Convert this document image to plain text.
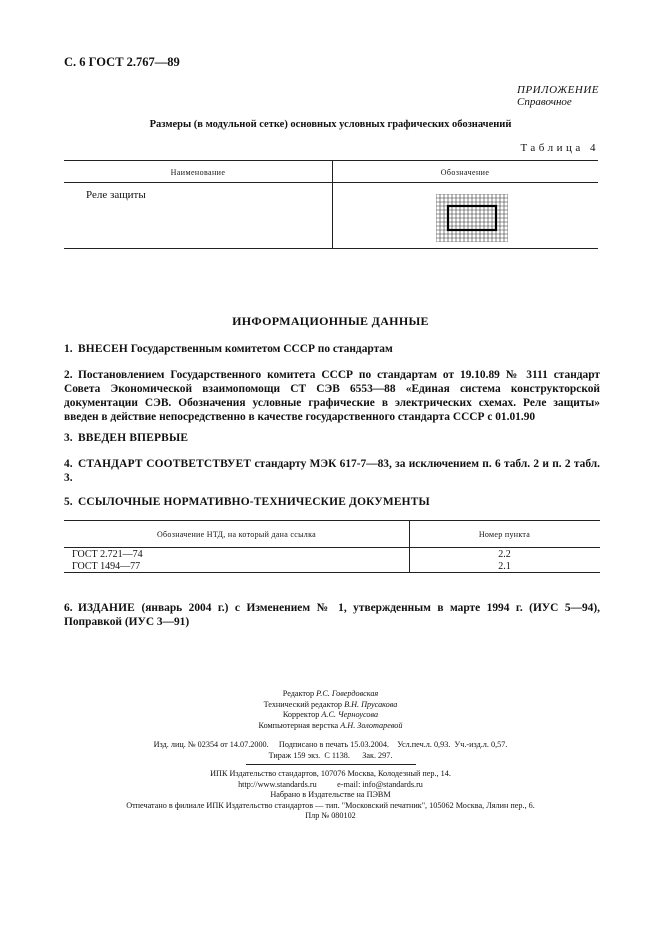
С. 6 ГОСТ 2.767—89
ПРИЛОЖЕНИЕ
Справочное
Размеры (в модульной сетке) основных условных графических обозначений
Таблица 4
Наименование	Обозначение
Реле защиты
ИНФОРМАЦИОННЫЕ ДАННЫЕ
1. ВНЕСЕН Государственным комитетом СССР по стандартам
2. Постановлением Государственного комитета СССР по стандартам от 19.10.89 № 3111 стандарт Совета Экономической взаимопомощи СТ СЭВ 6553—88 «Единая система конструкторской документации СЭВ. Обозначения условные графические в электрических схемах. Реле защиты» введен в действие непосредственно в качестве государственного стандарта СССР с 01.01.90
3. ВВЕДЕН ВПЕРВЫЕ
4. СТАНДАРТ СООТВЕТСТВУЕТ стандарту МЭК 617-7—83, за исключением п. 6 табл. 2 и п. 2 табл. 3.
5. ССЫЛОЧНЫЕ НОРМАТИВНО-ТЕХНИЧЕСКИЕ ДОКУМЕНТЫ
Обозначение НТД, на который дана ссылка	Номер пункта
ГОСТ 2.721—74	2.2
ГОСТ 1494—77	2.1
6. ИЗДАНИЕ (январь 2004 г.) с Изменением № 1, утвержденным в марте 1994 г. (ИУС 5—94), Поправкой (ИУС 3—91)
Редактор Р.С. Говердовская
Технический редактор В.Н. Прусакова
Корректор А.С. Черноусова
Компьютерная верстка А.Н. Золотаревой
Изд. лиц. № 02354 от 14.07.2000.     Подписано в печать 15.03.2004.    Усл.печ.л. 0,93.  Уч.-изд.л. 0,57.
Тираж 159 экз.  С 1138.      Зак. 297.
ИПК Издательство стандартов, 107076 Москва, Колодезный пер., 14.
http://www.standards.ru          e-mail: info@standards.ru
Набрано в Издательстве на ПЭВМ
Отпечатано в филиале ИПК Издательство стандартов — тип. "Московский печатник", 105062 Москва, Лялин пер., 6.
Плр № 080102
